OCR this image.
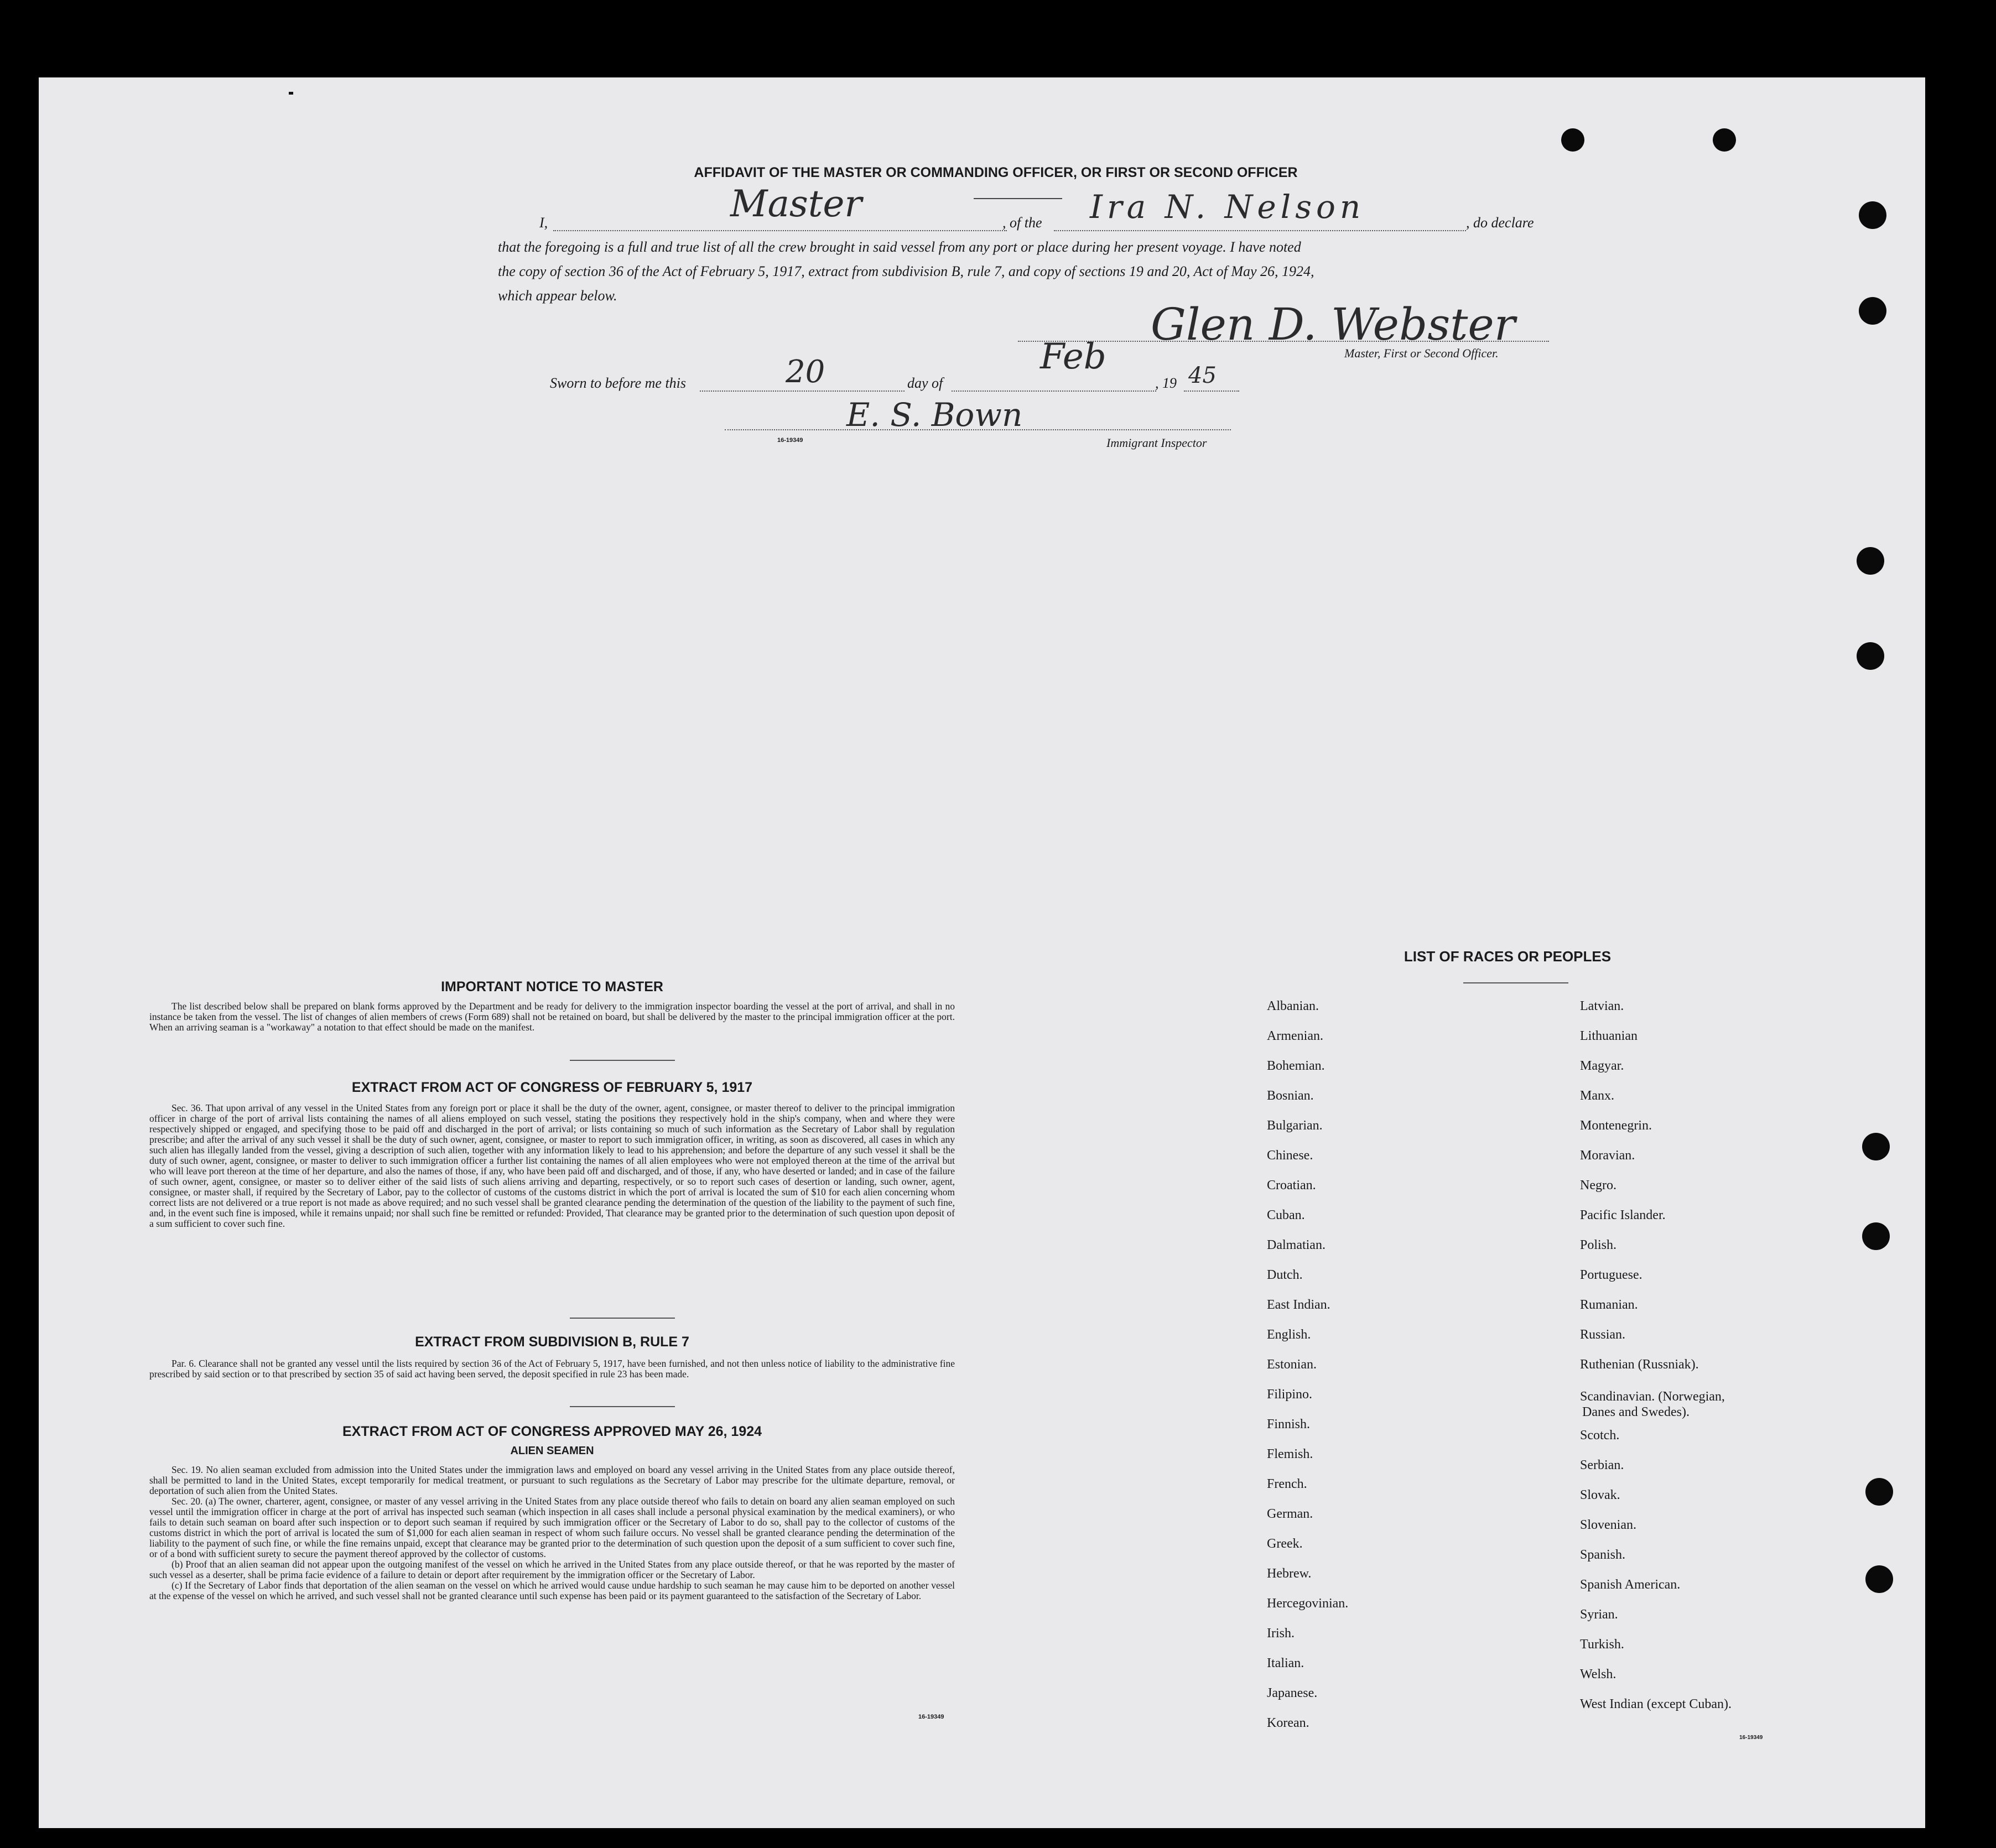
AFFIDAVIT OF THE MASTER OR COMMANDING OFFICER, OR FIRST OR SECOND OFFICER
I,	Master	, of the Ira N. Nelson	, do declare
that the foregoing is a full and true list of all the crew brought in said vessel from any port or place during her present voyage. I have noted
the copy of section 36 of the Act of February 5, 1917, extract from subdivision B, rule 7, and copy of sections 19 and 20, Act of May 26, 1924,
which appear below.
Glen D. Webster
Master, First or Second Officer.
Sworn to before me this	20	day of
Feb
, 19 45
E. S. Bown
16-19349	Immigrant Inspector
IMPORTANT NOTICE TO MASTER

The list described below shall be prepared on blank forms approved by the Department and be ready for delivery to the immigration inspector boarding the vessel at the port of arrival, and shall in no instance be taken from the vessel. The list of changes of alien members of crews (Form 689) shall not be retained on board, but shall be delivered by the master to the principal immigration officer at the port. When an arriving seaman is a "workaway" a notation to that effect should be made on the manifest.

EXTRACT FROM ACT OF CONGRESS OF FEBRUARY 5, 1917

Sec. 36. That upon arrival of any vessel in the United States from any foreign port or place it shall be the duty of the owner, agent, consignee, or master thereof to deliver to the principal immigration officer in charge of the port of arrival lists containing the names of all aliens employed on such vessel, stating the positions they respectively hold in the ship's company, when and where they were respectively shipped or engaged, and specifying those to be paid off and discharged in the port of arrival; or lists containing so much of such information as the Secretary of Labor shall by regulation prescribe; and after the arrival of any such vessel it shall be the duty of such owner, agent, consignee, or master to report to such immigration officer, in writing, as soon as discovered, all cases in which any such alien has illegally landed from the vessel, giving a description of such alien, together with any information likely to lead to his apprehension; and before the departure of any such vessel it shall be the duty of such owner, agent, consignee, or master to deliver to such immigration officer a further list containing the names of all alien employees who were not employed thereon at the time of the arrival but who will leave port thereon at the time of her departure, and also the names of those, if any, who have been paid off and discharged, and of those, if any, who have deserted or landed; and in case of the failure of such owner, agent, consignee, or master so to deliver either of the said lists of such aliens arriving and departing, respectively, or so to report such cases of desertion or landing, such owner, agent, consignee, or master shall, if required by the Secretary of Labor, pay to the collector of customs of the customs district in which the port of arrival is located the sum of $10 for each alien concerning whom correct lists are not delivered or a true report is not made as above required; and no such vessel shall be granted clearance pending the determination of the question of the liability to the payment of such fine, and, in the event such fine is imposed, while it remains unpaid; nor shall such fine be remitted or refunded: Provided, That clearance may be granted prior to the determination of such question upon deposit of a sum sufficient to cover such fine.

EXTRACT FROM SUBDIVISION B, RULE 7

Par. 6. Clearance shall not be granted any vessel until the lists required by section 36 of the Act of February 5, 1917, have been furnished, and not then unless notice of liability to the administrative fine prescribed by said section or to that prescribed by section 35 of said act having been served, the deposit specified in rule 23 has been made.

EXTRACT FROM ACT OF CONGRESS APPROVED MAY 26, 1924
ALIEN SEAMEN

Sec. 19. No alien seaman excluded from admission into the United States under the immigration laws and employed on board any vessel arriving in the United States from any place outside thereof, shall be permitted to land in the United States, except temporarily for medical treatment, or pursuant to such regulations as the Secretary of Labor may prescribe for the ultimate departure, removal, or deportation of such alien from the United States.

Sec. 20. (a) The owner, charterer, agent, consignee, or master of any vessel arriving in the United States from any place outside thereof who fails to detain on board any alien seaman employed on such vessel until the immigration officer in charge at the port of arrival has inspected such seaman (which inspection in all cases shall include a personal physical examination by the medical examiners), or who fails to detain such seaman on board after such inspection or to deport such seaman if required by such immigration officer or the Secretary of Labor to do so, shall pay to the collector of customs of the customs district in which the port of arrival is located the sum of $1,000 for each alien seaman in respect of whom such failure occurs. No vessel shall be granted clearance pending the determination of the liability to the payment of such fine, or while the fine remains unpaid, except that clearance may be granted prior to the determination of such question upon the deposit of a sum sufficient to cover such fine, or of a bond with sufficient surety to secure the payment thereof approved by the collector of customs.

(b) Proof that an alien seaman did not appear upon the outgoing manifest of the vessel on which he arrived in the United States from any place outside thereof, or that he was reported by the master of such vessel as a deserter, shall be prima facie evidence of a failure to detain or deport after requirement by the immigration officer or the Secretary of Labor.

(c) If the Secretary of Labor finds that deportation of the alien seaman on the vessel on which he arrived would cause undue hardship to such seaman he may cause him to be deported on another vessel at the expense of the vessel on which he arrived, and such vessel shall not be granted clearance until such expense has been paid or its payment guaranteed to the satisfaction of the Secretary of Labor.

16-19349
LIST OF RACES OR PEOPLES
Albanian.
Armenian.
Bohemian.
Bosnian.
Bulgarian.
Chinese.
Croatian.
Cuban.
Dalmatian.
Dutch.
East Indian.
English.
Estonian.
Filipino.
Finnish.
Flemish.
French.
German.
Greek.
Hebrew.
Hercegovinian.
Irish.
Italian.
Japanese.
Korean.
Latvian.
Lithuanian
Magyar.
Manx.
Montenegrin.
Moravian.
Negro.
Pacific Islander.
Polish.
Portuguese.
Rumanian.
Russian.
Ruthenian (Russniak).
Scandinavian. (Norwegian,
Danes and Swedes).
Scotch.
Serbian.
Slovak.
Slovenian.
Spanish.
Spanish American.
Syrian.
Turkish.
Welsh.
West Indian (except Cuban).
16-19349
